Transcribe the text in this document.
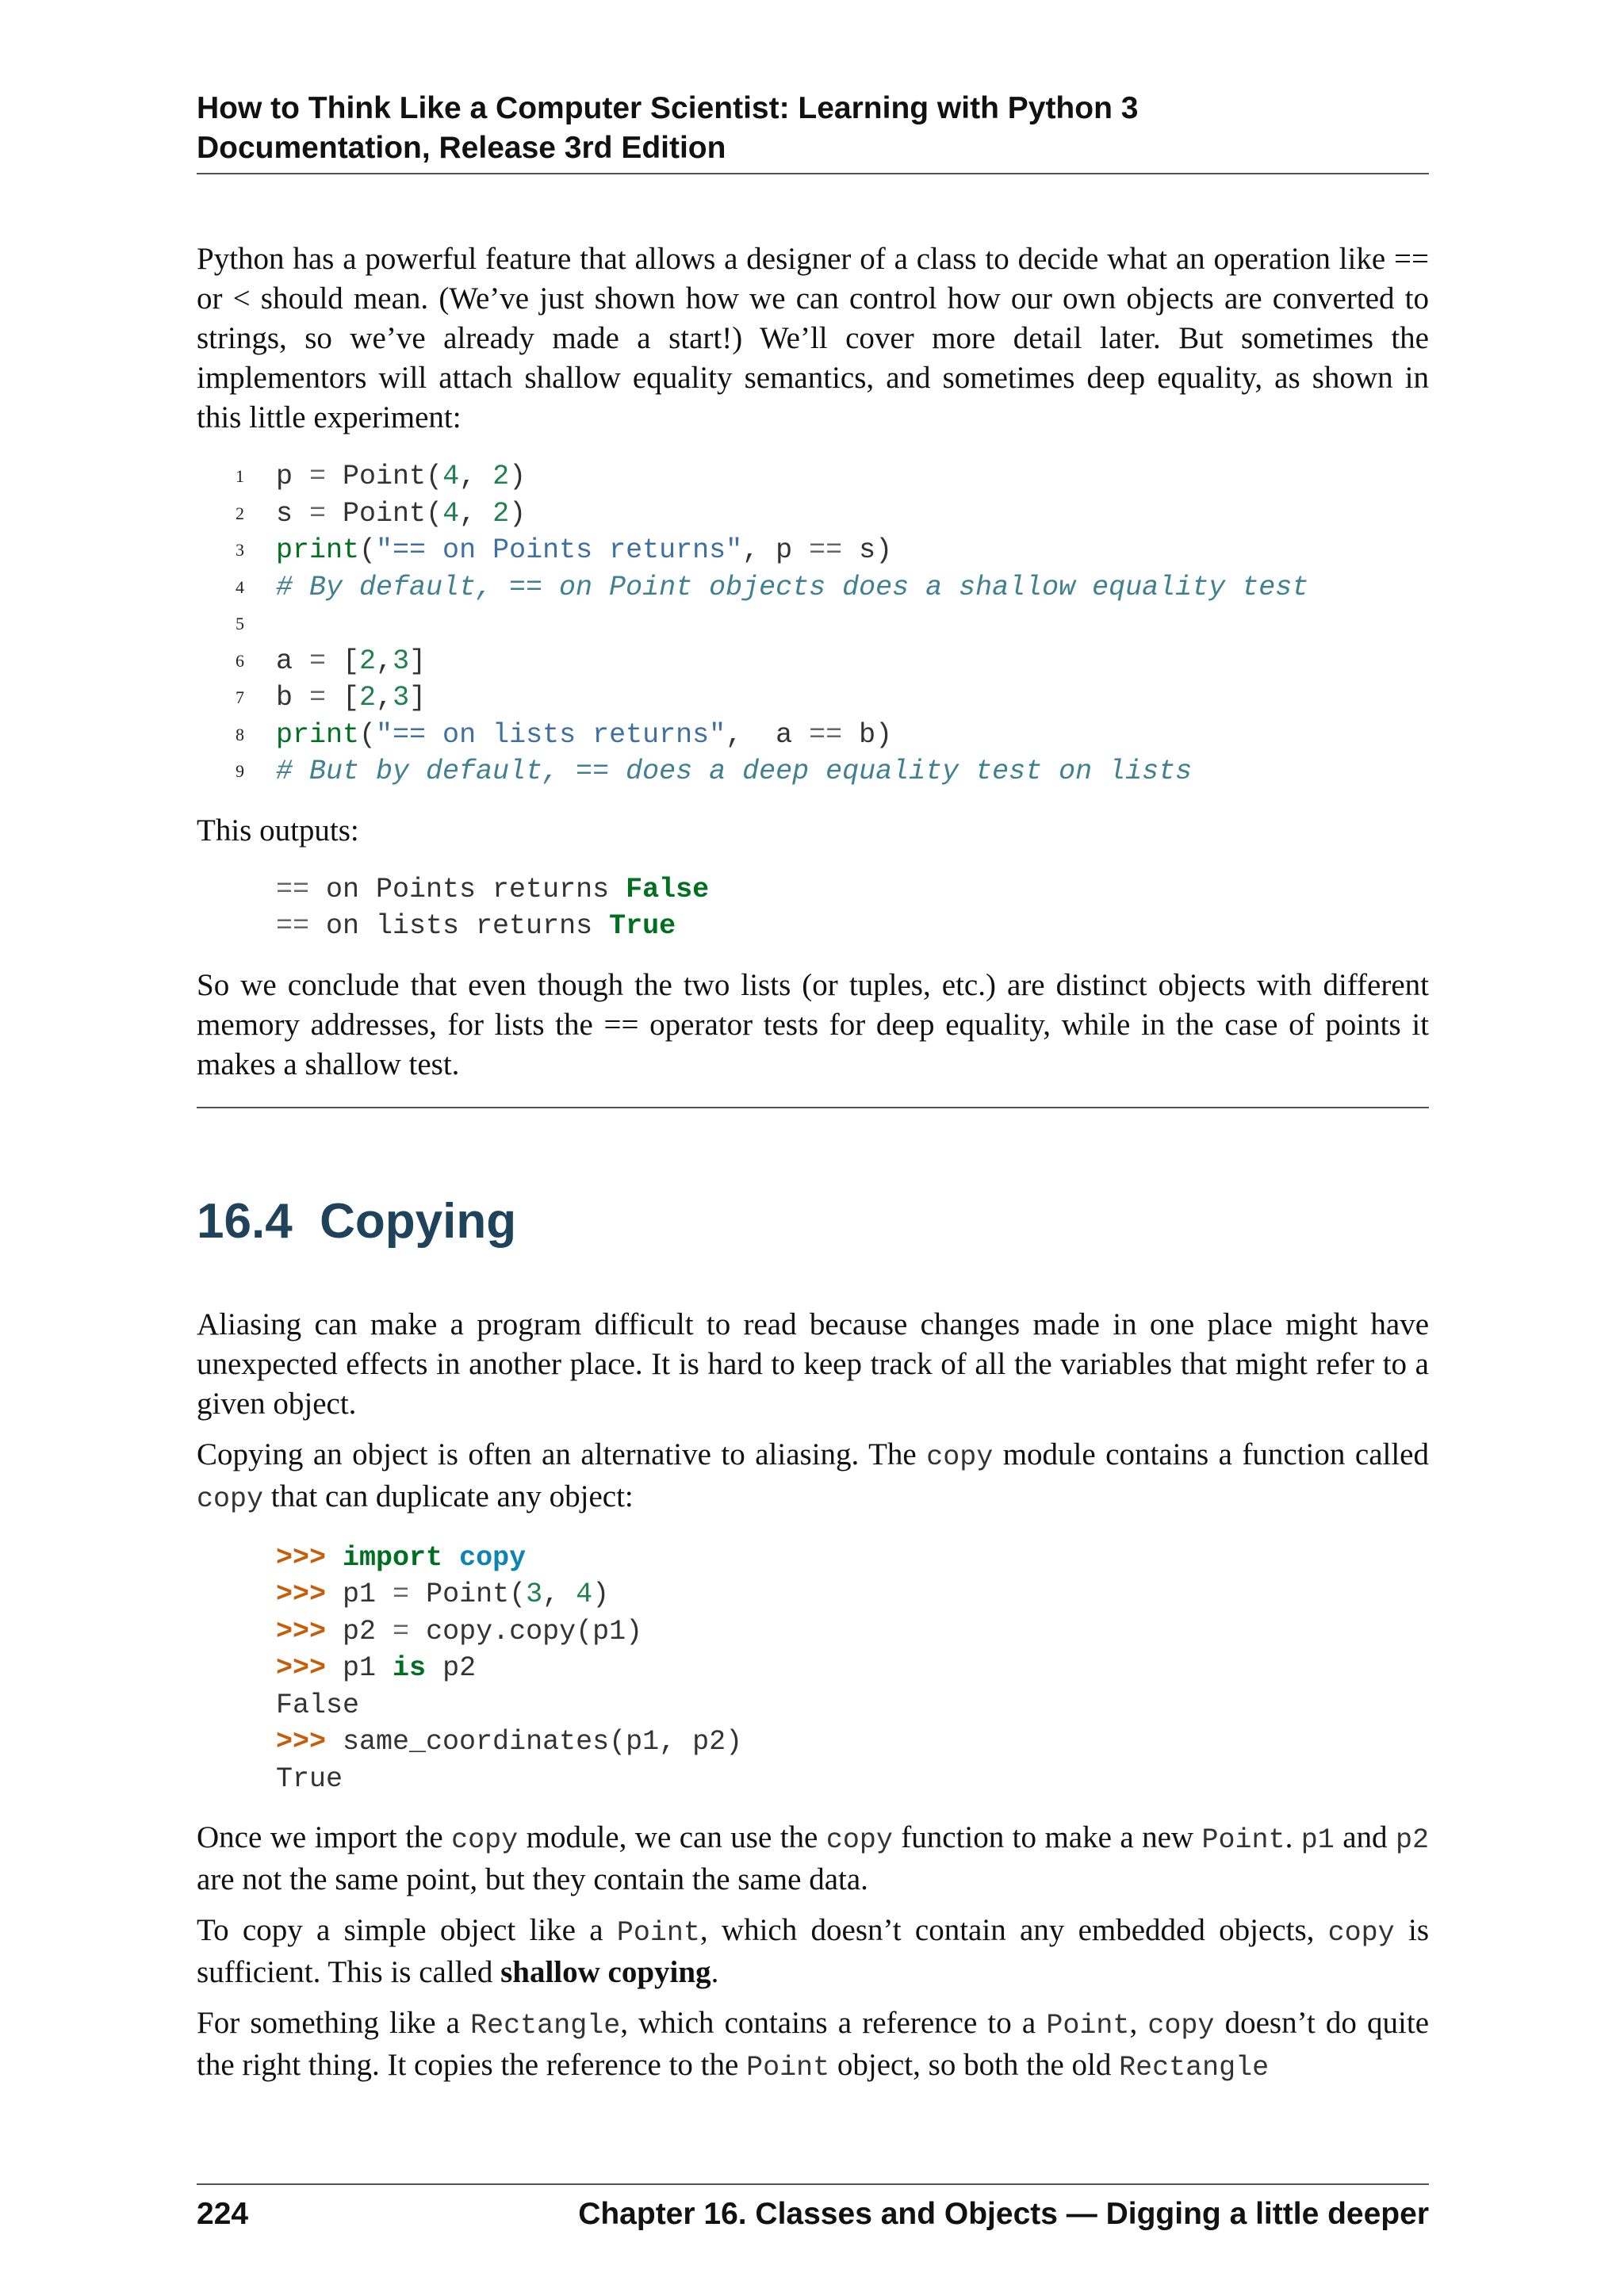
How to Think Like a Computer Scientist: Learning with Python 3
Documentation, Release 3rd Edition

Python has a powerful feature that allows a designer of a class to decide what an operation like == or < should mean. (We’ve just shown how we can control how our own objects are converted to strings, so we’ve already made a start!) We’ll cover more detail later. But sometimes the implementors will attach shallow equality semantics, and sometimes deep equality, as shown in this little experiment:

1 p = Point(4, 2)
2 s = Point(4, 2)
3 print("== on Points returns", p == s)
4 # By default, == on Point objects does a shallow equality test
5
6 a = [2,3]
7 b = [2,3]
8 print("== on lists returns",  a == b)
9 # But by default, == does a deep equality test on lists

This outputs:

== on Points returns False
== on lists returns True

So we conclude that even though the two lists (or tuples, etc.) are distinct objects with different memory addresses, for lists the == operator tests for deep equality, while in the case of points it makes a shallow test.

16.4 Copying

Aliasing can make a program difficult to read because changes made in one place might have unexpected effects in another place. It is hard to keep track of all the variables that might refer to a given object.

Copying an object is often an alternative to aliasing. The copy module contains a function called copy that can duplicate any object:

>>> import copy
>>> p1 = Point(3, 4)
>>> p2 = copy.copy(p1)
>>> p1 is p2
False
>>> same_coordinates(p1, p2)
True

Once we import the copy module, we can use the copy function to make a new Point. p1 and p2 are not the same point, but they contain the same data.

To copy a simple object like a Point, which doesn’t contain any embedded objects, copy is sufficient. This is called shallow copying.

For something like a Rectangle, which contains a reference to a Point, copy doesn’t do quite the right thing. It copies the reference to the Point object, so both the old Rectangle

224	Chapter 16. Classes and Objects — Digging a little deeper
